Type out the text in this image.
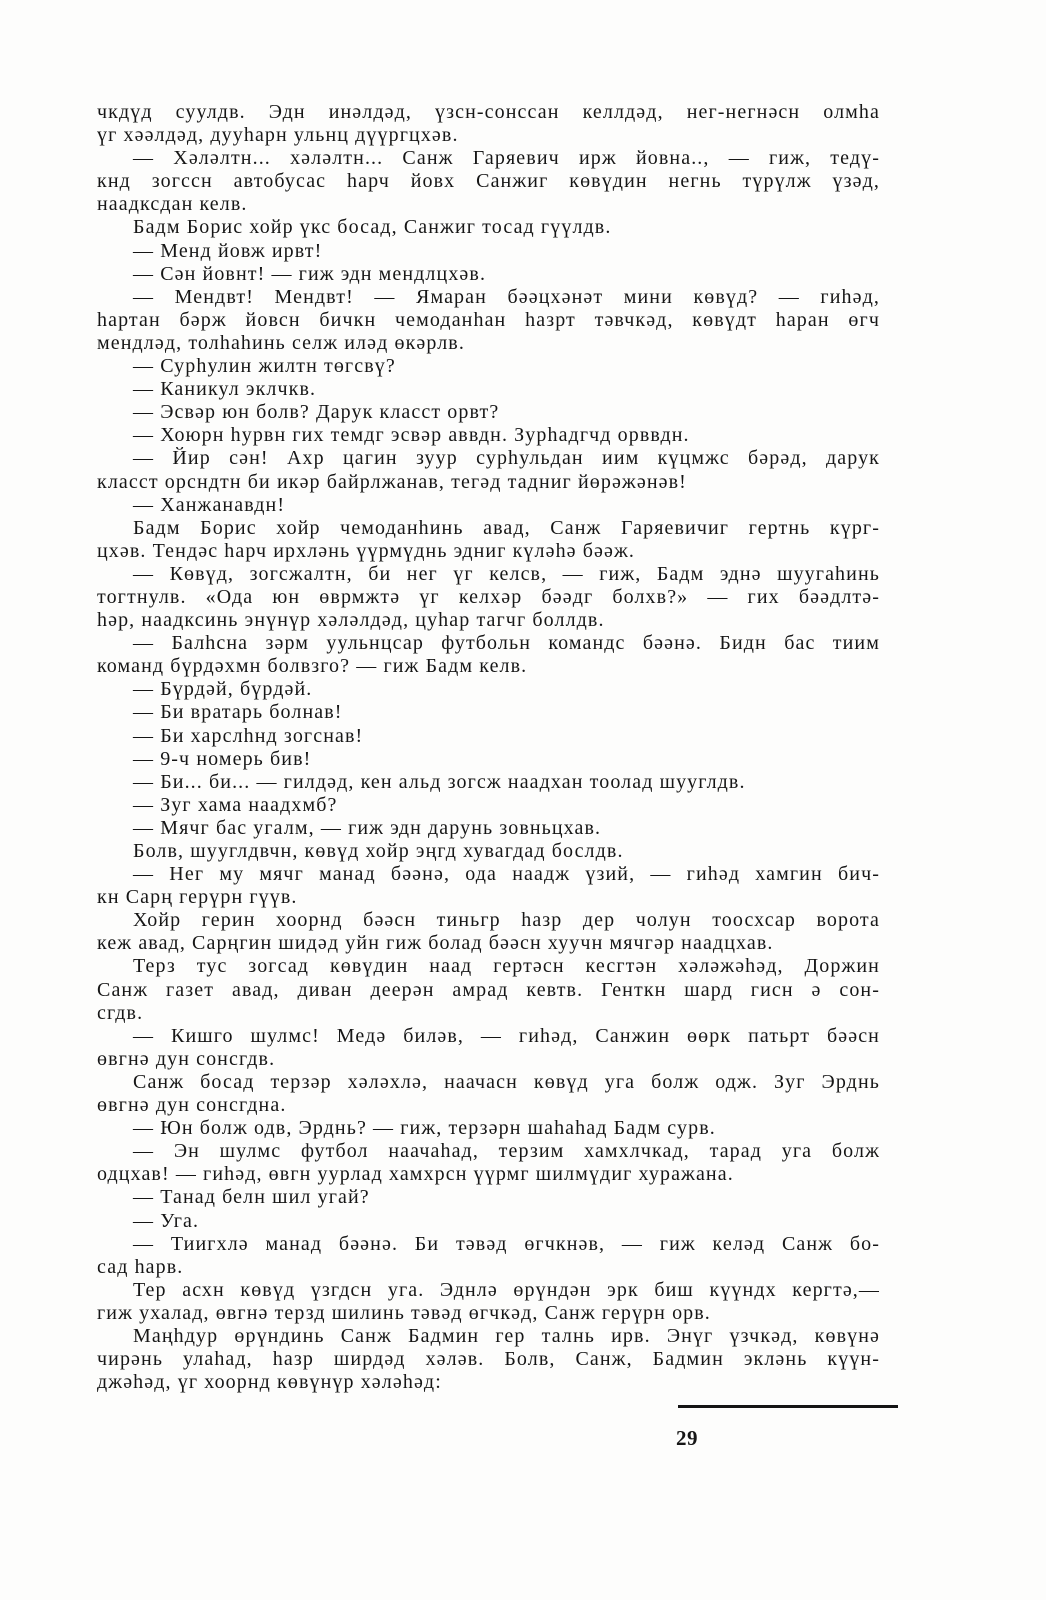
чкдүд суулдв. Эдн инәлдәд, үзсн-сонссан келлдәд, нег-негнәсн олмһа
үг хәәлдәд, дууһарн ульнц дүүргцхәв.
— Хәләлтн... хәләлтн... Санж Гаряевич ирж йовна.., — гиж, тедү-
кнд зогссн автобусас һарч йовх Санжиг көвүдин негнь түрүлж үзәд,
наадксдан келв.
Бадм Борис хойр үкс босад, Санжиг тосад гүүлдв.
— Менд йовж ирвт!
— Сән йовнт! — гиж эдн мендлцхәв.
— Мендвт! Мендвт! — Ямаран бәәцхәнәт мини көвүд? — гиһәд,
һартан бәрж йовсн бичкн чемоданһан һазрт тәвчкәд, көвүдт һаран өгч
мендләд, толһаһинь селж иләд өкәрлв.
— Сурһулин жилтн төгсвү?
— Каникул эклчкв.
— Эсвәр юн болв? Дарук класст орвт?
— Хоюрн һурвн гих темдг эсвәр аввдн. Зурһадгчд орввдн.
— Йир сән! Ахр цагин зуур сурһульдан иим күцмжс бәрәд, дарук
класст орсндтн би икәр байрлжанав, тегәд тадниг йөрәжәнәв!
— Ханжанавдн!
Бадм Борис хойр чемоданһинь авад, Санж Гаряевичиг гертнь күрг-
цхәв. Тендәс һарч ирхләнь үүрмүднь эдниг күләһә бәәж.
— Көвүд, зогсжалтн, би нег үг келсв, — гиж, Бадм эднә шуугаһинь
тогтнулв. «Ода юн өврмжтә үг келхәр бәәдг болхв?» — гих бәәдлтә-
һәр, наадксинь энүнүр хәләлдәд, цуһар тагчг боллдв.
— Балһсна зәрм уульнцсар футбольн командс бәәнә. Бидн бас тиим
команд бүрдәхмн болвзго? — гиж Бадм келв.
— Бүрдәй, бүрдәй.
— Би вратарь болнав!
— Би харслһнд зогснав!
— 9-ч номерь бив!
— Би... би... — гилдәд, кен альд зогсж наадхан тоолад шууглдв.
— Зуг хама наадхмб?
— Мячг бас угалм, — гиж эдн дарунь зовньцхав.
Болв, шууглдвчн, көвүд хойр эңгд хувагдад бослдв.
— Нег му мячг манад бәәнә, ода наадж үзий, — гиһәд хамгин бич-
кн Сарң герүрн гүүв.
Хойр герин хоорнд бәәсн тиньгр һазр дер чолун тоосхсар ворота
кеж авад, Сарңгин шидәд уйн гиж болад бәәсн хуучн мячгәр наадцхав.
Терз тус зогсад көвүдин наад гертәсн кесгтән хәләжәһәд, Доржин
Санж газет авад, диван деерән амрад кевтв. Генткн шард гисн ә сон-
сгдв.
— Кишго шулмс! Медә биләв, — гиһәд, Санжин өөрк патьрт бәәсн
өвгнә дун сонсгдв.
Санж босад терзәр хәләхлә, наачасн көвүд уга болж одж. Зуг Эрднь
өвгнә дун сонсгдна.
— Юн болж одв, Эрднь? — гиж, терзәрн шаһаһад Бадм сурв.
— Эн шулмс футбол наачаһад, терзим хамхлчкад, тарад уга болж
одцхав! — гиһәд, өвгн уурлад хамхрсн үүрмг шилмүдиг хуражана.
— Танад белн шил угай?
— Уга.
— Тиигхлә манад бәәнә. Би тәвәд өгчкнәв, — гиж келәд Санж бо-
сад һарв.
Тер асхн көвүд үзгдсн уга. Эднлә өрүндән эрк биш күүндх кергтә,—
гиж ухалад, өвгнә терзд шилинь тәвәд өгчкәд, Санж герүрн орв.
Маңһдур өрүндинь Санж Бадмин гер талнь ирв. Энүг үзчкәд, көвүнә
чирәнь улаһад, һазр ширдәд хәләв. Болв, Санж, Бадмин экләнь күүн-
джәһәд, үг хоорнд көвүнүр хәләһәд:
29
